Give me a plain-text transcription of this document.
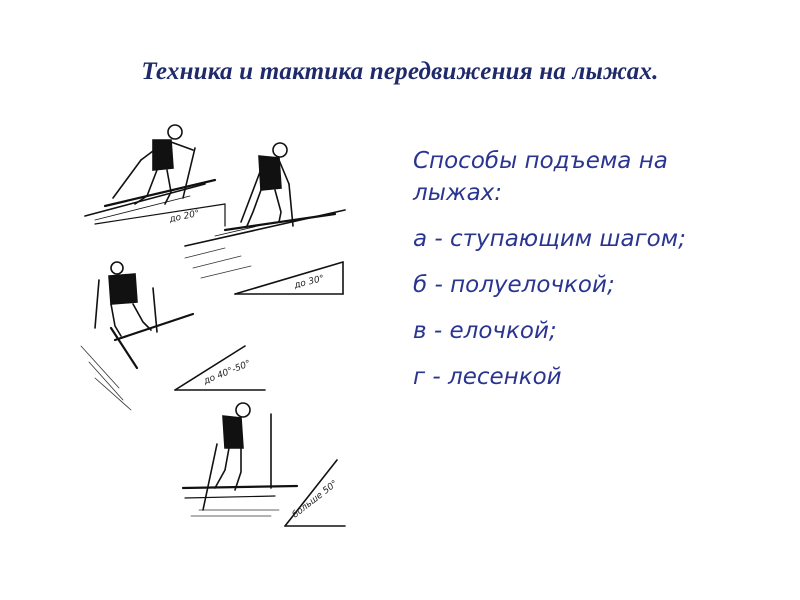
Техника и тактика передвижения на лыжах.
до 20°
до 30°
до 40°-50°
больше 50°
Способы подъема на лыжах:
а - ступающим шагом;
б - полуелочкой;
в - елочкой;
г - лесенкой
